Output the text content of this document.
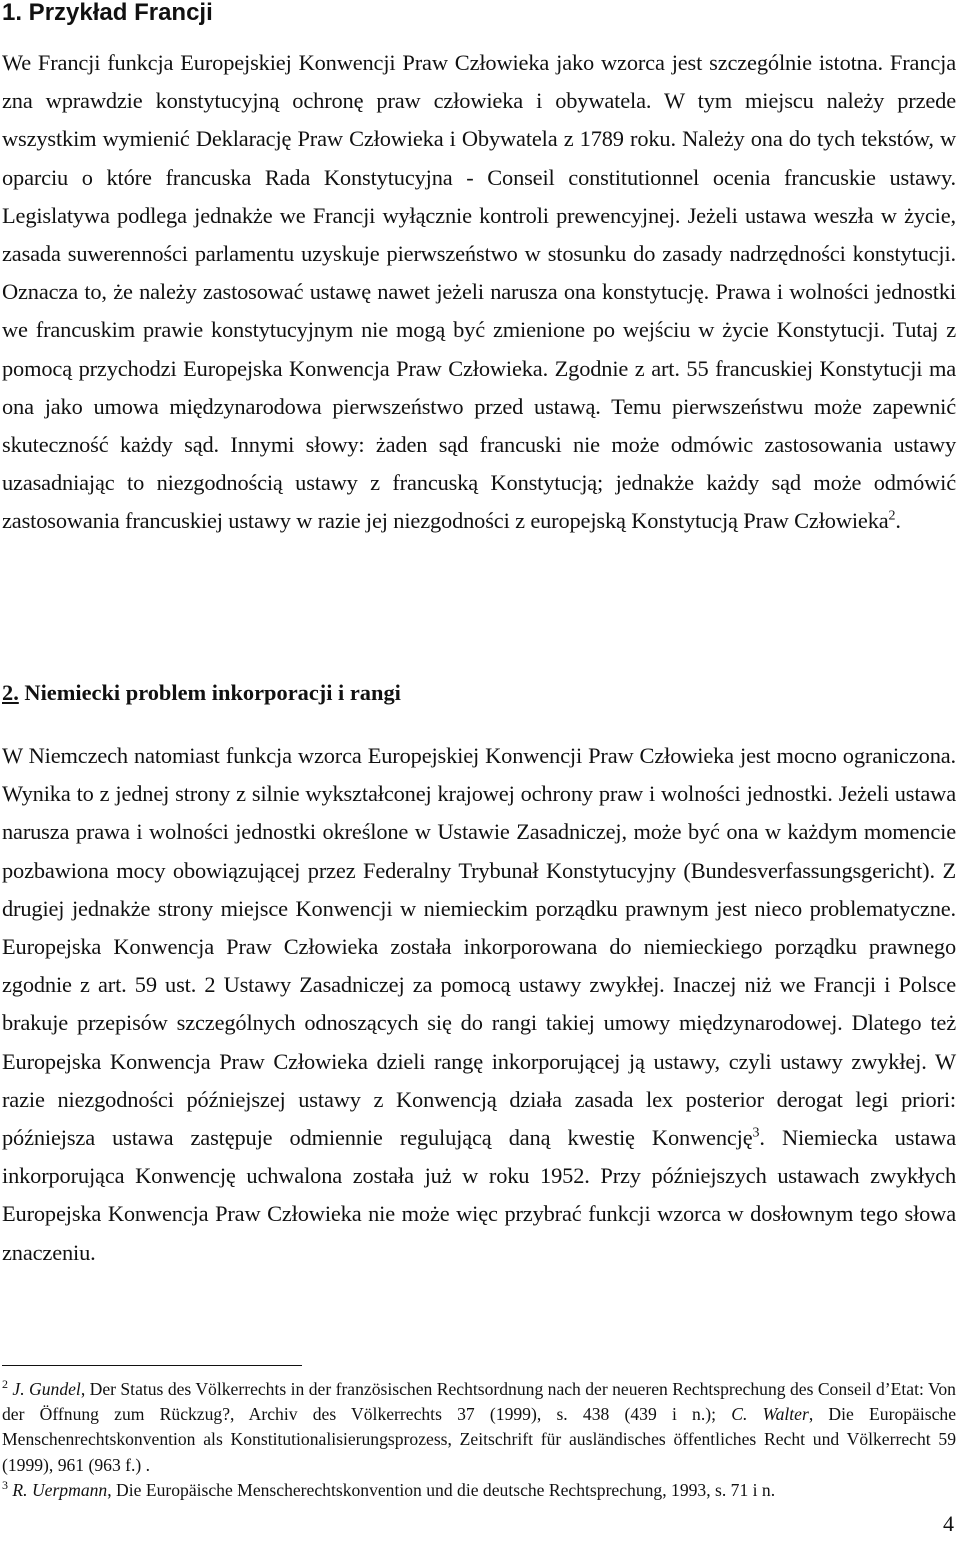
1. Przykład Francji

We Francji funkcja Europejskiej Konwencji Praw Człowieka jako wzorca jest szczególnie istotna. Francja zna wprawdzie konstytucyjną ochronę praw człowieka i obywatela. W tym miejscu należy przede wszystkim wymienić Deklarację Praw Człowieka i Obywatela z 1789 roku. Należy ona do tych tekstów, w oparciu o które francuska Rada Konstytucyjna - Conseil constitutionnel ocenia francuskie ustawy. Legislatywa podlega jednakże we Francji wyłącznie kontroli prewencyjnej. Jeżeli ustawa weszła w życie, zasada suwerenności parlamentu uzyskuje pierwszeństwo w stosunku do zasady nadrzędności konstytucji. Oznacza to, że należy zastosować ustawę nawet jeżeli narusza ona konstytucję. Prawa i wolności jednostki we francuskim prawie konstytucyjnym nie mogą być zmienione po wejściu w życie Konstytucji. Tutaj z pomocą przychodzi Europejska Konwencja Praw Człowieka. Zgodnie z art. 55 francuskiej Konstytucji ma ona jako umowa międzynarodowa pierwszeństwo przed ustawą. Temu pierwszeństwu może zapewnić skuteczność każdy sąd. Innymi słowy: żaden sąd francuski nie może odmówic zastosowania ustawy uzasadniając to niezgodnością ustawy z francuską Konstytucją; jednakże każdy sąd może odmówić zastosowania francuskiej ustawy w razie jej niezgodności z europejską Konstytucją Praw Człowieka$^2$.

2. Niemiecki problem inkorporacji i rangi

W Niemczech natomiast funkcja wzorca Europejskiej Konwencji Praw Człowieka jest mocno ograniczona. Wynika to z jednej strony z silnie wykształconej krajowej ochrony praw i wolności jednostki. Jeżeli ustawa narusza prawa i wolności jednostki określone w Ustawie Zasadniczej, może być ona w każdym momencie pozbawiona mocy obowiązującej przez Federalny Trybunał Konstytucyjny (Bundesverfassungsgericht). Z drugiej jednakże strony miejsce Konwencji w niemieckim porządku prawnym jest nieco problematyczne. Europejska Konwencja Praw Człowieka została inkorporowana do niemieckiego porządku prawnego zgodnie z art. 59 ust. 2 Ustawy Zasadniczej za pomocą ustawy zwykłej. Inaczej niż we Francji i Polsce brakuje przepisów szczególnych odnoszących się do rangi takiej umowy międzynarodowej. Dlatego też Europejska Konwencja Praw Człowieka dzieli rangę inkorporującej ją ustawy, czyli ustawy zwykłej. W razie niezgodności późniejszej ustawy z Konwencją działa zasada lex posterior derogat legi priori: późniejsza ustawa zastępuje odmiennie regulującą daną kwestię Konwencję$^3$. Niemiecka ustawa inkorporująca Konwencję uchwalona została już w roku 1952. Przy późniejszych ustawach zwykłych Europejska Konwencja Praw Człowieka nie może więc przybrać funkcji wzorca w dosłownym tego słowa znaczeniu.

$^2$ J. Gundel, Der Status des Völkerrechts in der französischen Rechtsordnung nach der neueren Rechtsprechung des Conseil d’Etat: Von der Öffnung zum Rückzug?, Archiv des Völkerrechts 37 (1999), s. 438 (439 i n.); C. Walter, Die Europäische Menschenrechtskonvention als Konstitutionalisierungsprozess, Zeitschrift für ausländisches öffentliches Recht und Völkerrecht 59 (1999), 961 (963 f.) .

$^3$ R. Uerpmann, Die Europäische Menscherechtskonvention und die deutsche Rechtsprechung, 1993, s. 71 i n.

4
